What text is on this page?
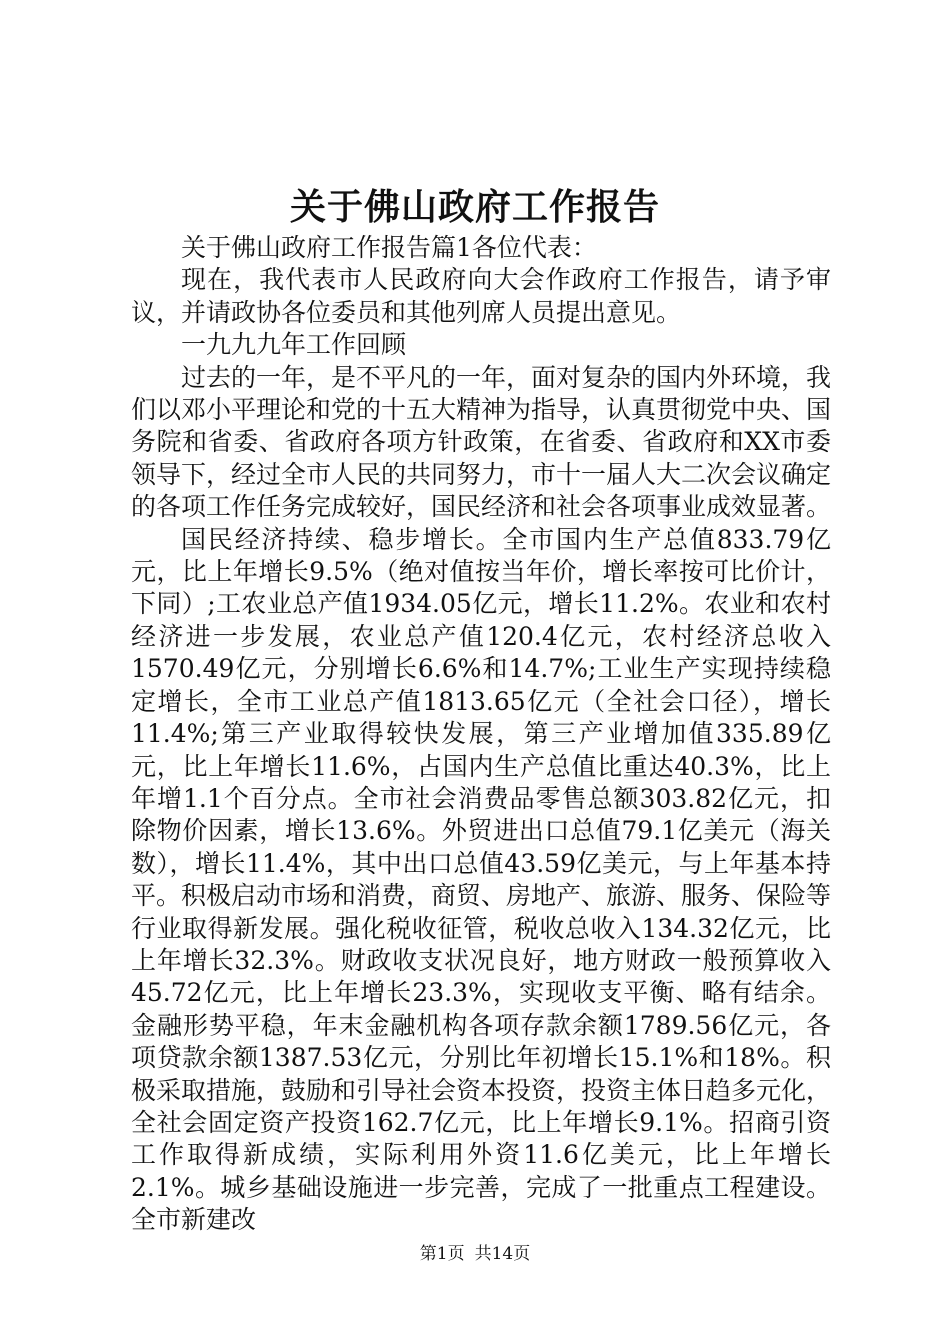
关于佛山政府工作报告

关于佛山政府工作报告篇1各位代表：

现在，我代表市人民政府向大会作政府工作报告，请予审议，并请政协各位委员和其他列席人员提出意见。

一九九九年工作回顾

过去的一年，是不平凡的一年，面对复杂的国内外环境，我们以邓小平理论和党的十五大精神为指导，认真贯彻党中央、国务院和省委、省政府各项方针政策，在省委、省政府和XX市委领导下，经过全市人民的共同努力，市十一届人大二次会议确定的各项工作任务完成较好，国民经济和社会各项事业成效显著。

国民经济持续、稳步增长。全市国内生产总值833.79亿元，比上年增长9.5%（绝对值按当年价，增长率按可比价计，下同）;工农业总产值1934.05亿元，增长11.2%。农业和农村经济进一步发展，农业总产值120.4亿元，农村经济总收入1570.49亿元，分别增长6.6%和14.7%;工业生产实现持续稳定增长，全市工业总产值1813.65亿元（全社会口径），增长11.4%;第三产业取得较快发展，第三产业增加值335.89亿元，比上年增长11.6%，占国内生产总值比重达40.3%，比上年增1.1个百分点。全市社会消费品零售总额303.82亿元，扣除物价因素，增长13.6%。外贸进出口总值79.1亿美元（海关数），增长11.4%，其中出口总值43.59亿美元，与上年基本持平。积极启动市场和消费，商贸、房地产、旅游、服务、保险等行业取得新发展。强化税收征管，税收总收入134.32亿元，比上年增长32.3%。财政收支状况良好，地方财政一般预算收入45.72亿元，比上年增长23.3%，实现收支平衡、略有结余。金融形势平稳，年末金融机构各项存款余额1789.56亿元，各项贷款余额1387.53亿元，分别比年初增长15.1%和18%。积极采取措施，鼓励和引导社会资本投资，投资主体日趋多元化，全社会固定资产投资162.7亿元，比上年增长9.1%。招商引资工作取得新成绩，实际利用外资11.6亿美元，比上年增长2.1%。城乡基础设施进一步完善，完成了一批重点工程建设。全市新建改

第1页 共14页
